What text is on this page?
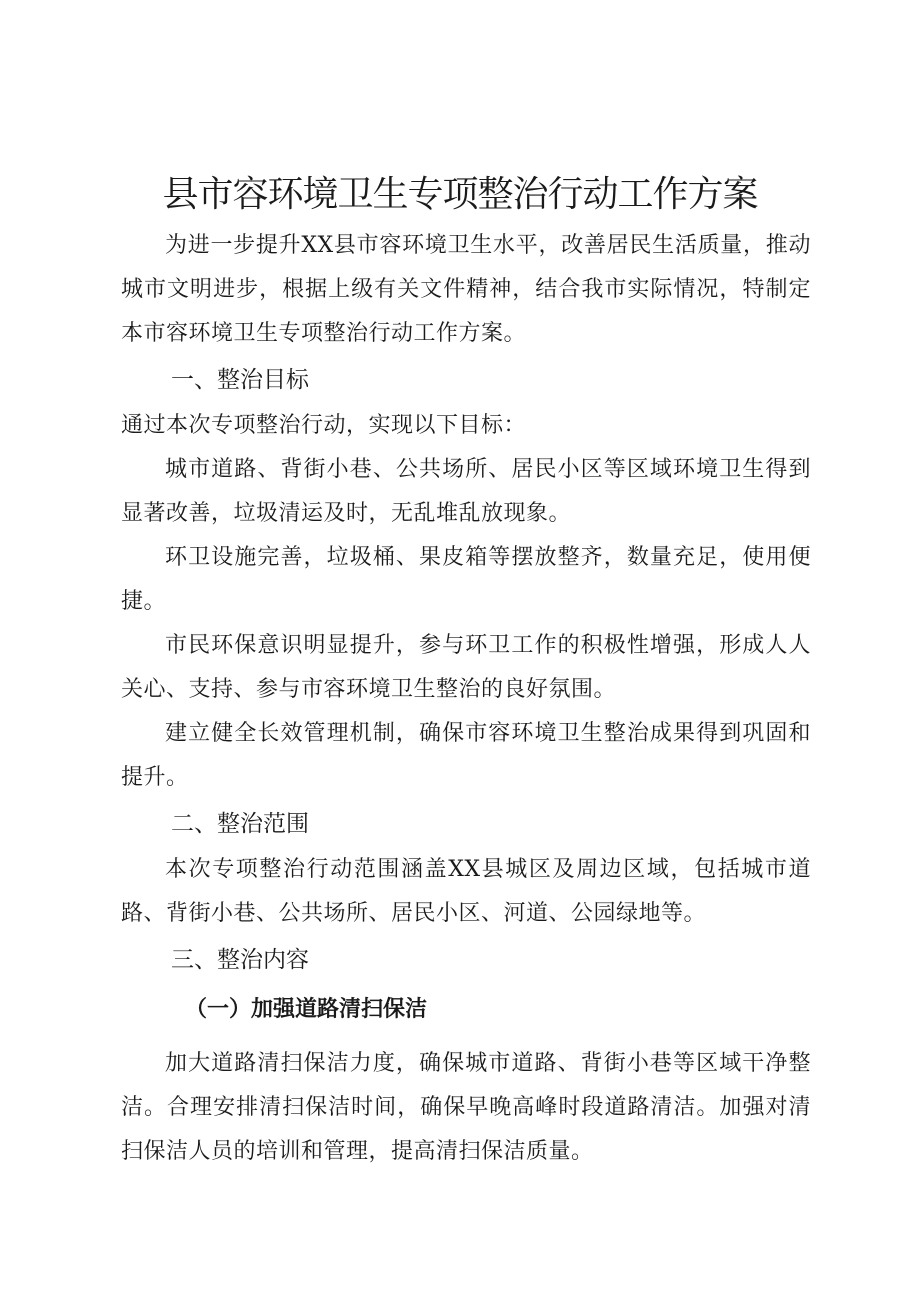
县市容环境卫生专项整治行动工作方案

为进一步提升XX县市容环境卫生水平，改善居民生活质量，推动城市文明进步，根据上级有关文件精神，结合我市实际情况，特制定本市容环境卫生专项整治行动工作方案。

一、整治目标

通过本次专项整治行动，实现以下目标：

城市道路、背街小巷、公共场所、居民小区等区域环境卫生得到显著改善，垃圾清运及时，无乱堆乱放现象。

环卫设施完善，垃圾桶、果皮箱等摆放整齐，数量充足，使用便捷。

市民环保意识明显提升，参与环卫工作的积极性增强，形成人人关心、支持、参与市容环境卫生整治的良好氛围。

建立健全长效管理机制，确保市容环境卫生整治成果得到巩固和提升。

二、整治范围

本次专项整治行动范围涵盖XX县城区及周边区域，包括城市道路、背街小巷、公共场所、居民小区、河道、公园绿地等。

三、整治内容
（一）加强道路清扫保洁

加大道路清扫保洁力度，确保城市道路、背街小巷等区域干净整洁。合理安排清扫保洁时间，确保早晚高峰时段道路清洁。加强对清扫保洁人员的培训和管理，提高清扫保洁质量。
